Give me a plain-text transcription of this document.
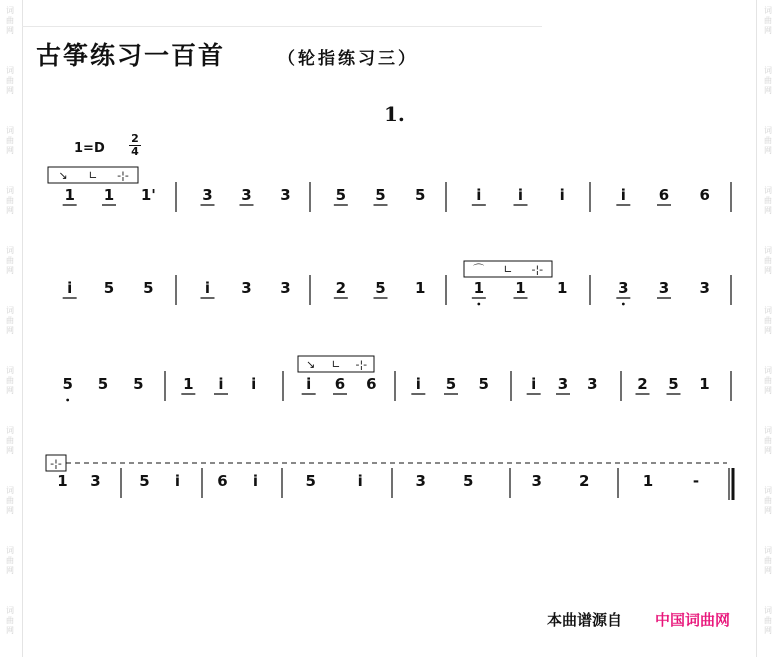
词
曲
网
词
曲
网
词
曲
网
词
曲
网
词
曲
网
词
曲
网
词
曲
网
词
曲
网
词
曲
网
词
曲
网
词
曲
网
词
曲
网
词
曲
网
词
曲
网
词
曲
网
词
曲
网
词
曲
网
词
曲
网
词
曲
网
词
曲
网
词
曲
网
词
曲
网
古筝练习一百首	（轮指练习三）
1.
1=D
2
4
1 1 1'	3 3 3	5 5 5	i i i	i 6 6
i 5 5	i 3 3	2 5 1	1 1 1	3 3 3
5 5 5	1 i i	i 6 6	i 5 5	i 3 3	2 5 1
1 3	5 i 6 i	5	i	3 5	3 2	1	-
↘ ∟ -¦-
⌒ ∟ -¦-
↘ ∟ -¦-
-¦-
本曲谱源自 中国词曲网
